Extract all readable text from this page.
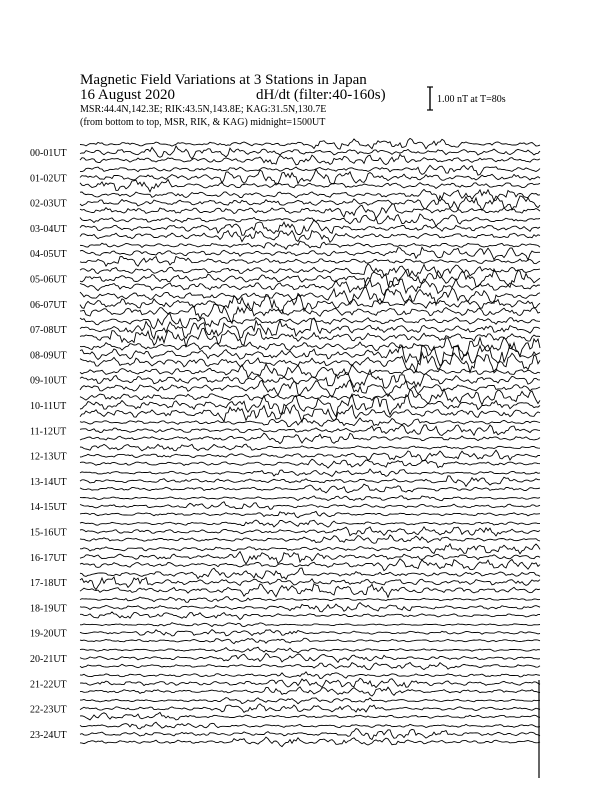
Magnetic Field Variations at 3 Stations in Japan
16 August 2020	dH/dt (filter:40-160s)
MSR:44.4N,142.3E; RIK:43.5N,143.8E; KAG:31.5N,130.7E
(from bottom to top, MSR, RIK, & KAG) midnight=1500UT
1.00 nT at T=80s
00-01UT
01-02UT
02-03UT
03-04UT
04-05UT
05-06UT
06-07UT
07-08UT
08-09UT
09-10UT
10-11UT
11-12UT
12-13UT
13-14UT
14-15UT
15-16UT
16-17UT
17-18UT
18-19UT
19-20UT
20-21UT
21-22UT
22-23UT
23-24UT
